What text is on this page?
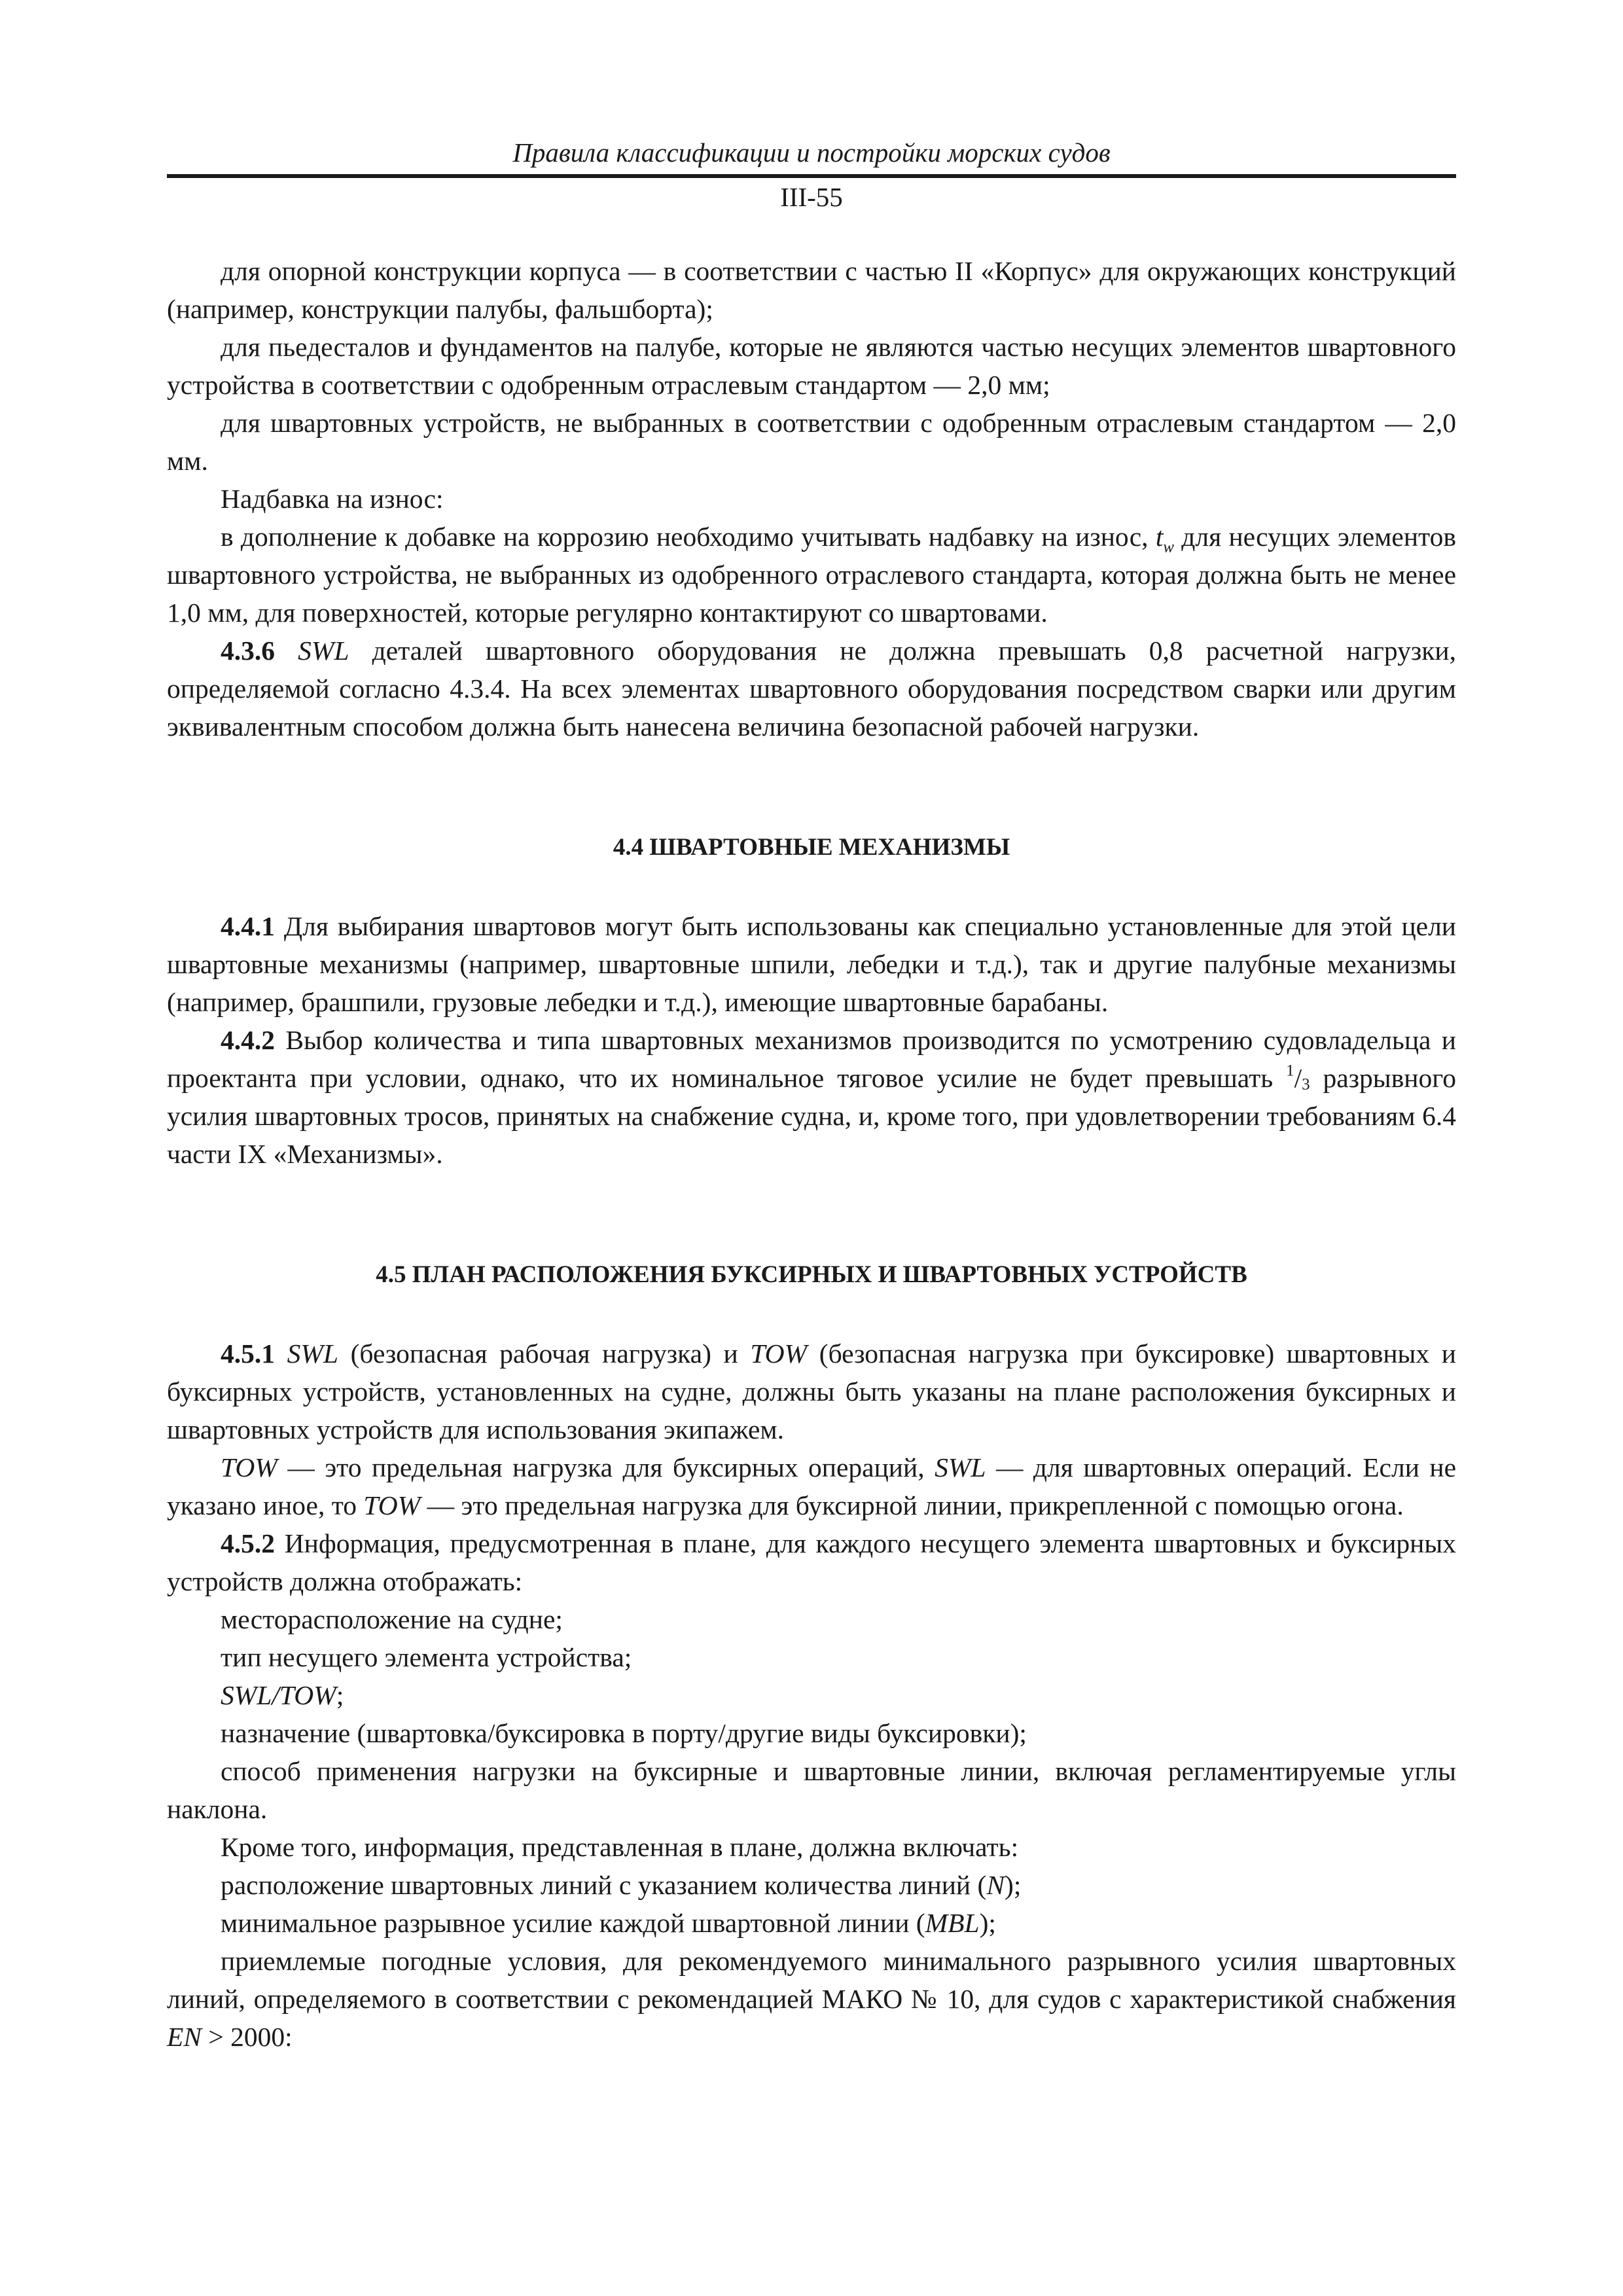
Правила классификации и постройки морских судов
III-55

для опорной конструкции корпуса — в соответствии с частью II «Корпус» для окружающих конструкций (например, конструкции палубы, фальшборта);

для пьедесталов и фундаментов на палубе, которые не являются частью несущих элементов швартовного устройства в соответствии с одобренным отраслевым стандартом — 2,0 мм;

для швартовных устройств, не выбранных в соответствии с одобренным отраслевым стандартом — 2,0 мм.

Надбавка на износ:

в дополнение к добавке на коррозию необходимо учитывать надбавку на износ, $t_w$ для несущих элементов швартовного устройства, не выбранных из одобренного отраслевого стандарта, которая должна быть не менее 1,0 мм, для поверхностей, которые регулярно контактируют со швартовами.

4.3.6 SWL деталей швартовного оборудования не должна превышать 0,8 расчетной нагрузки, определяемой согласно 4.3.4. На всех элементах швартовного оборудования посредством сварки или другим эквивалентным способом должна быть нанесена величина безопасной рабочей нагрузки.

4.4 ШВАРТОВНЫЕ МЕХАНИЗМЫ

4.4.1 Для выбирания швартовов могут быть использованы как специально установленные для этой цели швартовные механизмы (например, швартовные шпили, лебедки и т.д.), так и другие палубные механизмы (например, брашпили, грузовые лебедки и т.д.), имеющие швартовные барабаны.

4.4.2 Выбор количества и типа швартовных механизмов производится по усмотрению судовладельца и проектанта при условии, однако, что их номинальное тяговое усилие не будет превышать $^1/_3$ разрывного усилия швартовных тросов, принятых на снабжение судна, и, кроме того, при удовлетворении требованиям 6.4 части IX «Механизмы».

4.5 ПЛАН РАСПОЛОЖЕНИЯ БУКСИРНЫХ И ШВАРТОВНЫХ УСТРОЙСТВ

4.5.1 SWL (безопасная рабочая нагрузка) и TOW (безопасная нагрузка при буксировке) швартовных и буксирных устройств, установленных на судне, должны быть указаны на плане расположения буксирных и швартовных устройств для использования экипажем.

TOW — это предельная нагрузка для буксирных операций, SWL — для швартовных операций. Если не указано иное, то TOW — это предельная нагрузка для буксирной линии, прикрепленной с помощью огона.

4.5.2 Информация, предусмотренная в плане, для каждого несущего элемента швартовных и буксирных устройств должна отображать:

месторасположение на судне;

тип несущего элемента устройства;

SWL/TOW;

назначение (швартовка/буксировка в порту/другие виды буксировки);

способ применения нагрузки на буксирные и швартовные линии, включая регламентируемые углы наклона.

Кроме того, информация, представленная в плане, должна включать:

расположение швартовных линий с указанием количества линий (N);

минимальное разрывное усилие каждой швартовной линии (MBL);

приемлемые погодные условия, для рекомендуемого минимального разрывного усилия швартовных линий, определяемого в соответствии с рекомендацией МАКО № 10, для судов с характеристикой снабжения EN > 2000:
